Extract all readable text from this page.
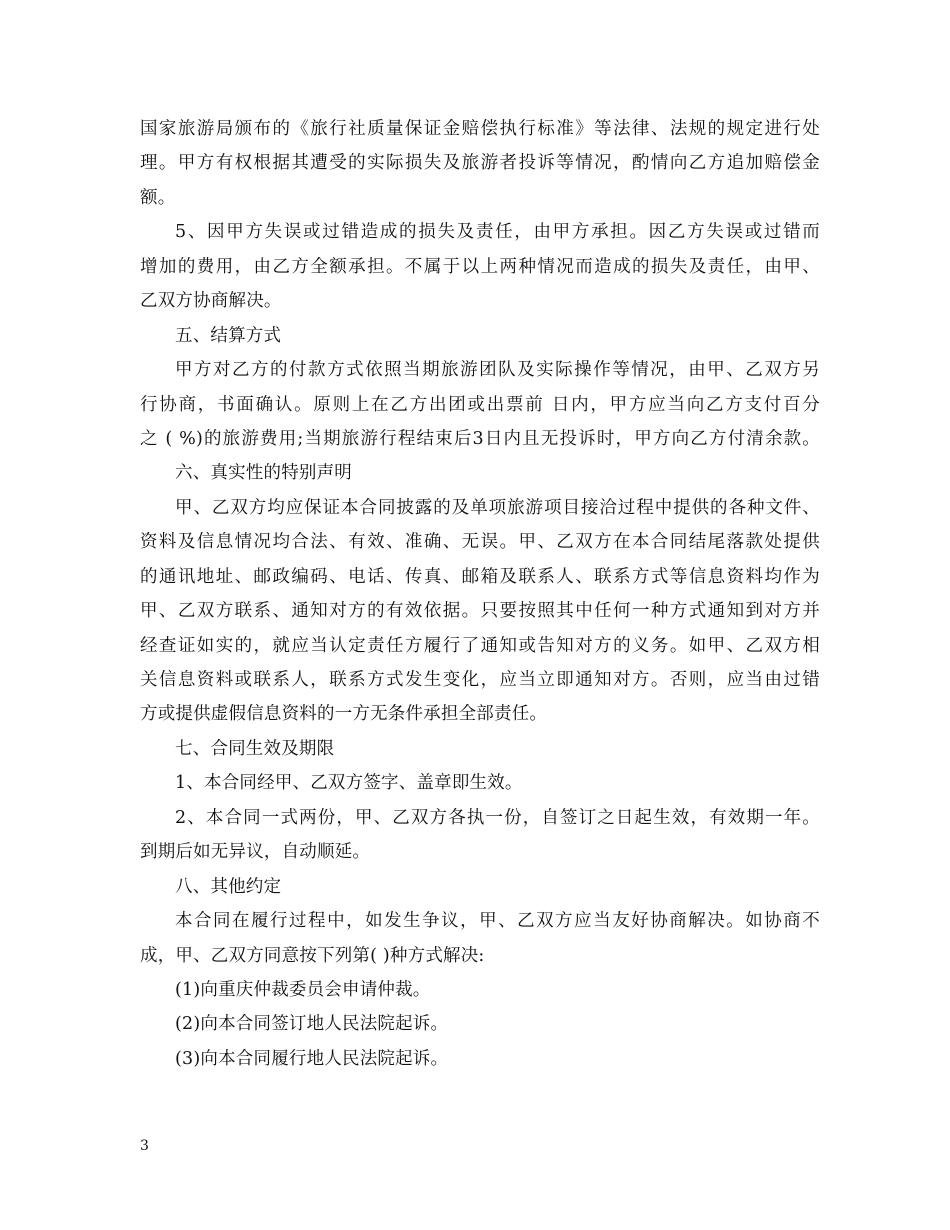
国家旅游局颁布的《旅行社质量保证金赔偿执行标准》等法律、法规的规定进行处
理。甲方有权根据其遭受的实际损失及旅游者投诉等情况，酌情向乙方追加赔偿金
额。
5、因甲方失误或过错造成的损失及责任，由甲方承担。因乙方失误或过错而
增加的费用，由乙方全额承担。不属于以上两种情况而造成的损失及责任，由甲、
乙双方协商解决。
五、结算方式
甲方对乙方的付款方式依照当期旅游团队及实际操作等情况，由甲、乙双方另
行协商，书面确认。原则上在乙方出团或出票前 日内，甲方应当向乙方支付百分
之 ( %)的旅游费用;当期旅游行程结束后3日内且无投诉时，甲方向乙方付清余款。
六、真实性的特别声明
甲、乙双方均应保证本合同披露的及单项旅游项目接洽过程中提供的各种文件、
资料及信息情况均合法、有效、准确、无误。甲、乙双方在本合同结尾落款处提供
的通讯地址、邮政编码、电话、传真、邮箱及联系人、联系方式等信息资料均作为
甲、乙双方联系、通知对方的有效依据。只要按照其中任何一种方式通知到对方并
经查证如实的，就应当认定责任方履行了通知或告知对方的义务。如甲、乙双方相
关信息资料或联系人，联系方式发生变化，应当立即通知对方。否则，应当由过错
方或提供虚假信息资料的一方无条件承担全部责任。
七、合同生效及期限
1、本合同经甲、乙双方签字、盖章即生效。
2、本合同一式两份，甲、乙双方各执一份，自签订之日起生效，有效期一年。
到期后如无异议，自动顺延。
八、其他约定
本合同在履行过程中，如发生争议，甲、乙双方应当友好协商解决。如协商不
成，甲、乙双方同意按下列第( )种方式解决:
(1)向重庆仲裁委员会申请仲裁。
(2)向本合同签订地人民法院起诉。
(3)向本合同履行地人民法院起诉。
3
